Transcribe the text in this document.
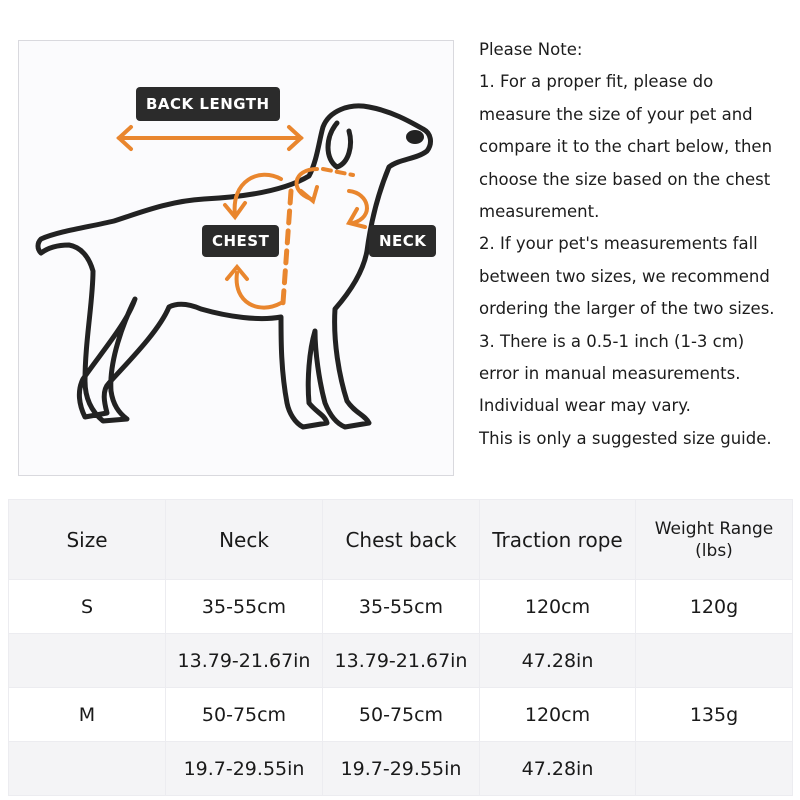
BACK LENGTH
CHEST	NECK

Please Note:

1. For a proper fit, please do

measure the size of your pet and

compare it to the chart below, then

choose the size based on the chest

measurement.

2. If your pet's measurements fall

between two sizes, we recommend

ordering the larger of the two sizes.

3. There is a 0.5-1 inch (1-3 cm)

error in manual measurements.

Individual wear may vary.

This is only a suggested size guide.

Size	Neck	Chest back	Traction rope	Weight Range
(lbs)
S	35-55cm	35-55cm	120cm	120g
	13.79-21.67in	13.79-21.67in	47.28in	
M	50-75cm	50-75cm	120cm	135g
	19.7-29.55in	19.7-29.55in	47.28in	
